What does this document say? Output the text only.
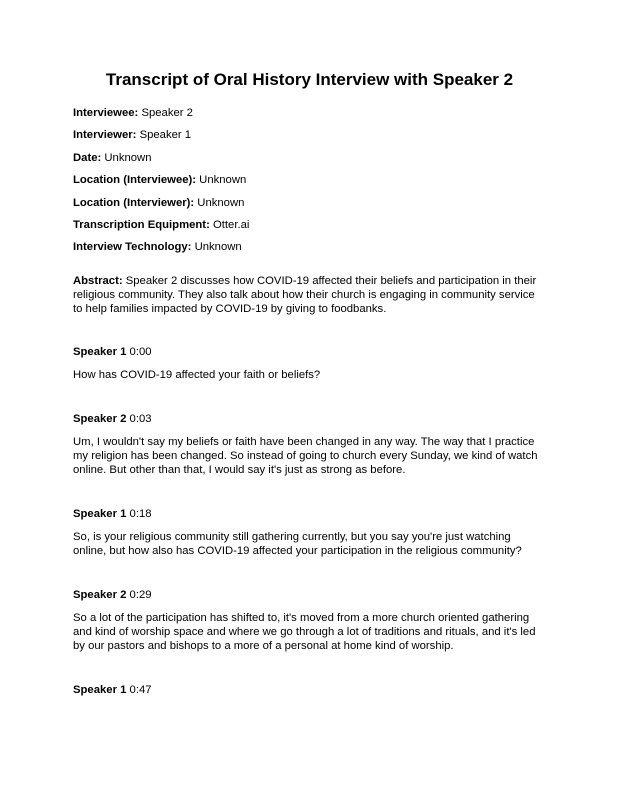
Transcript of Oral History Interview with Speaker 2

Interviewee: Speaker 2

Interviewer: Speaker 1

Date: Unknown

Location (Interviewee): Unknown

Location (Interviewer): Unknown

Transcription Equipment: Otter.ai

Interview Technology: Unknown

Abstract: Speaker 2 discusses how COVID-19 affected their beliefs and participation in their religious community. They also talk about how their church is engaging in community service to help families impacted by COVID-19 by giving to foodbanks.

Speaker 1 0:00

How has COVID-19 affected your faith or beliefs?

Speaker 2 0:03

Um, I wouldn't say my beliefs or faith have been changed in any way. The way that I practice my religion has been changed. So instead of going to church every Sunday, we kind of watch online. But other than that, I would say it's just as strong as before.

Speaker 1 0:18

So, is your religious community still gathering currently, but you say you're just watching online, but how also has COVID-19 affected your participation in the religious community?

Speaker 2 0:29

So a lot of the participation has shifted to, it's moved from a more church oriented gathering and kind of worship space and where we go through a lot of traditions and rituals, and it's led by our pastors and bishops to a more of a personal at home kind of worship.

Speaker 1 0:47
